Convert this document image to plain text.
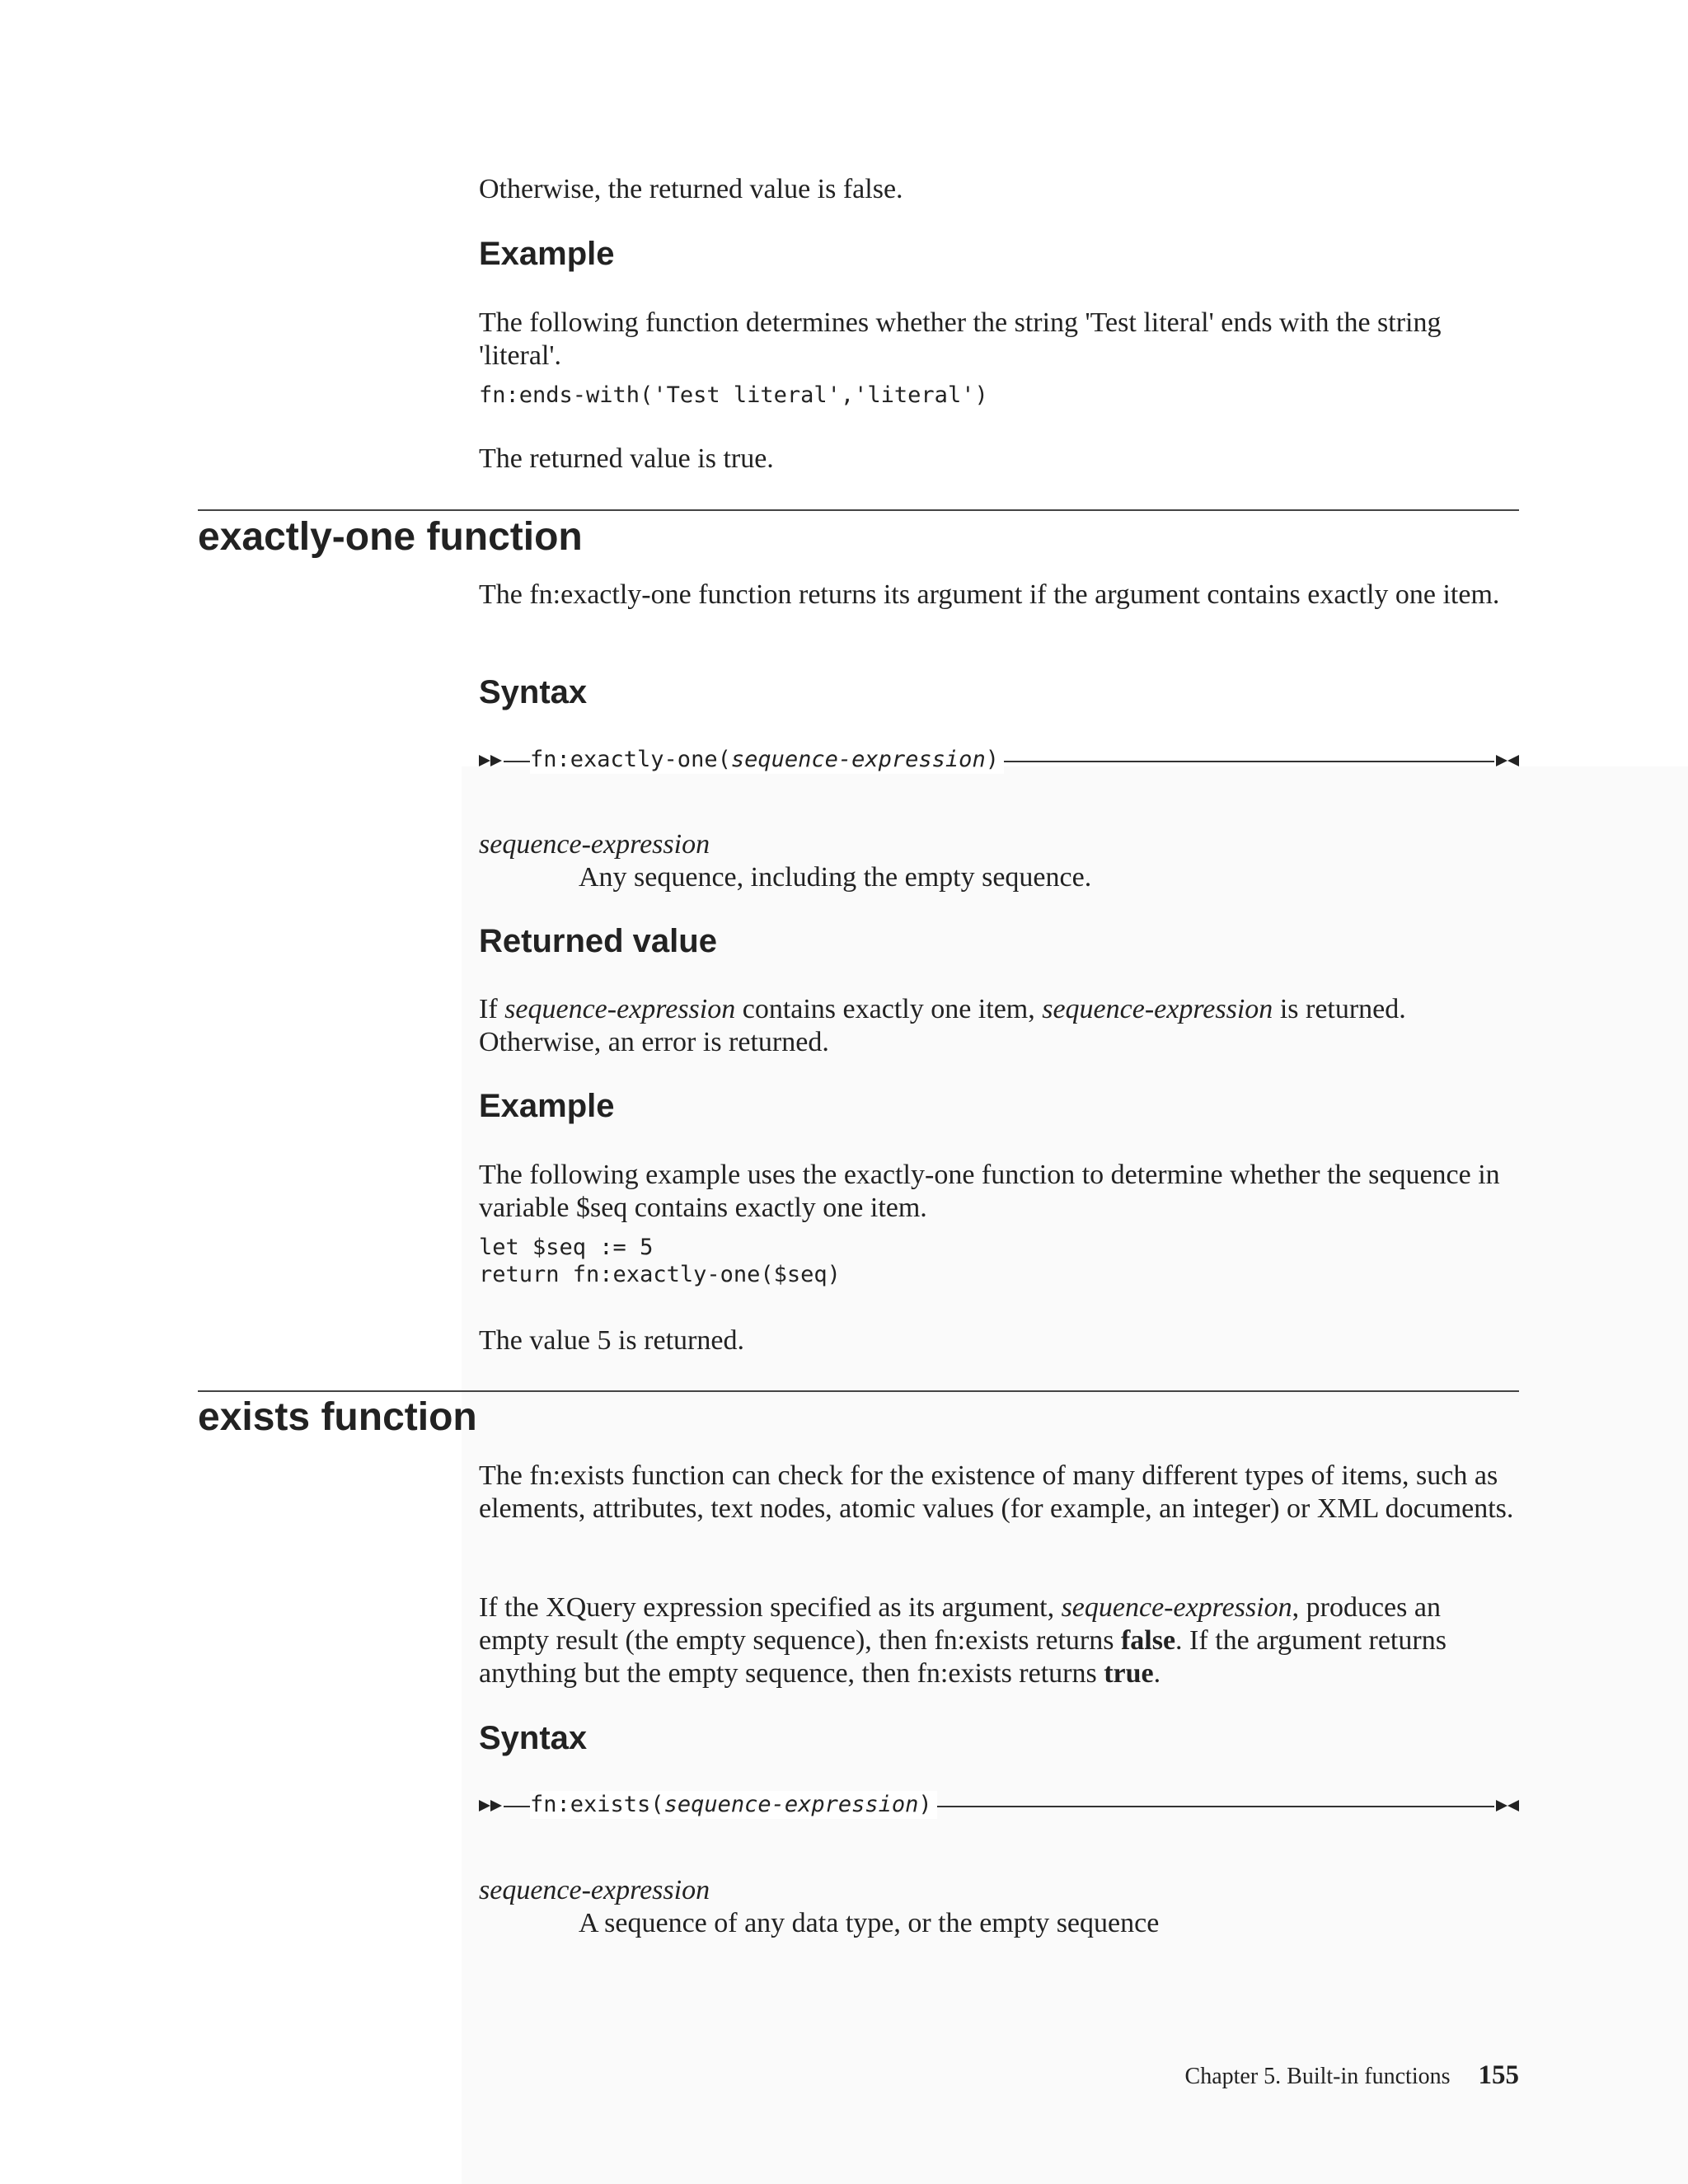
Otherwise, the returned value is false.

Example

The following function determines whether the string 'Test literal' ends with the string 'literal'.

fn:ends-with('Test literal','literal')

The returned value is true.

exactly-one function

The fn:exactly-one function returns its argument if the argument contains exactly one item.

Syntax
fn:exactly-one(sequence-expression)

sequence-expression

Any sequence, including the empty sequence.

Returned value

If sequence-expression contains exactly one item, sequence-expression is returned. Otherwise, an error is returned.

Example

The following example uses the exactly-one function to determine whether the sequence in variable $seq contains exactly one item.

let $seq := 5
return fn:exactly-one($seq)

The value 5 is returned.

exists function

The fn:exists function can check for the existence of many different types of items, such as elements, attributes, text nodes, atomic values (for example, an integer) or XML documents.

If the XQuery expression specified as its argument, sequence-expression, produces an empty result (the empty sequence), then fn:exists returns false. If the argument returns anything but the empty sequence, then fn:exists returns true.

Syntax
fn:exists(sequence-expression)

sequence-expression

A sequence of any data type, or the empty sequence

Chapter 5. Built-in functions 155
